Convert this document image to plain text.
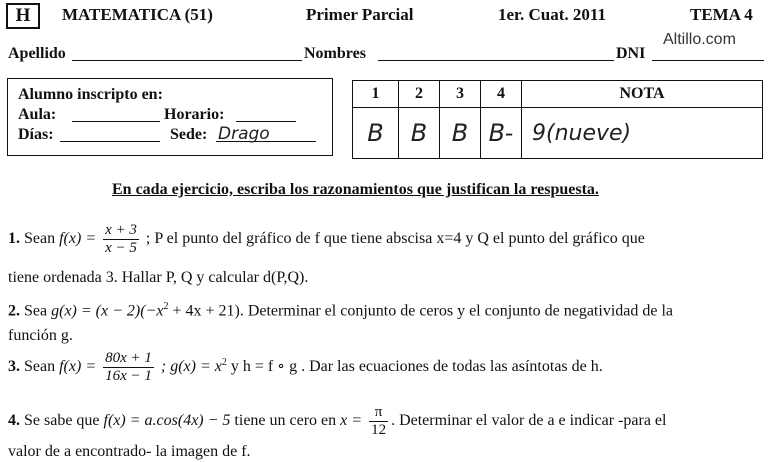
H	MATEMATICA (51)	Primer Parcial	1er. Cuat. 2011	TEMA 4
Altillo.com
Apellido	Nombres	DNI
Alumno inscripto en:
Aula:	Horario:
Días:	Sede: Drago
1	2	3	4	NOTA
B	B	B	B-	9(nueve)
En cada ejercicio, escriba los razonamientos que justifican la respuesta.
1. Sean $f(x) = \frac{x + 3}{x - 5}$ ; P el punto del gráfico de f que tiene abscisa x=4 y Q el punto del gráfico que
tiene ordenada 3. Hallar P, Q y calcular d(P,Q).
2. Sea $g(x) = (x - 2)(-x^2 + 4x + 21)$. Determinar el conjunto de ceros y el conjunto de negatividad de la
función g.
3. Sean $f(x) = \frac{80x + 1}{16x - 1}$ ; $g(x) = x^2$ y h = f ∘ g . Dar las ecuaciones de todas las asíntotas de h.
4. Se sabe que f(x) = a.cos(4x) − 5 tiene un cero en $x = \frac{\pi}{12}$ . Determinar el valor de a e indicar -para el
valor de a encontrado- la imagen de f.
